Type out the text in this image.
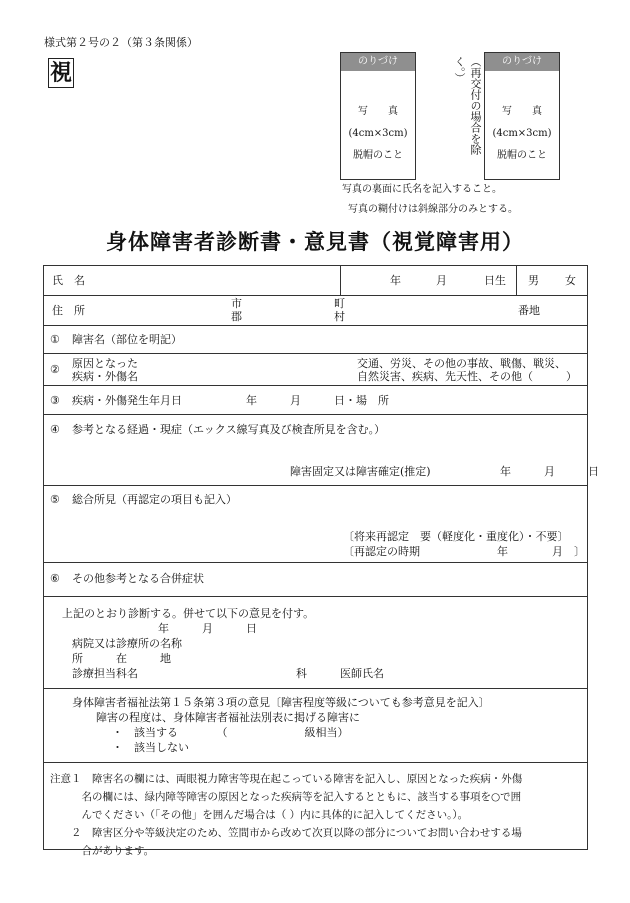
様式第２号の２（第３条関係）
視	のりづけ
写　　真
(4cm×3cm)
脱帽のこと
（再交付の場合を除く。）	のりづけ
写　　真
(4cm×3cm)
脱帽のこと
写真の裏面に氏名を記入すること。
写真の糊付けは斜線部分のみとする。
身体障害者診断書・意見書（視覚障害用）
氏　名	年	月	日生 男 女
住　所
市
郡
町
村	番地
① 障害名（部位を明記）
② 原因となった
疾病・外傷名
交通、労災、その他の事故、戦傷、戦災、
自然災害、疾病、先天性、その他（　　　）
③ 疾病・外傷発生年月日	年　　　月　　　日・場　所
④ 参考となる経過・現症（エックス線写真及び検査所見を含む。）
障害固定又は障害確定(推定)	年　　　月　　　日
⑤ 総合所見（再認定の項目も記入）
〔将来再認定　要（軽度化・重度化）・不要〕
〔再認定の時期　　　　　　　年　　　　月　〕
⑥ その他参考となる合併症状
上記のとおり診断する。併せて以下の意見を付す。
年　　　月　　　日
病院又は診療所の名称
所　　　在　　　地
診療担当科名	科　　　医師氏名
身体障害者福祉法第１５条第３項の意見〔障害程度等級についても参考意見を記入〕
障害の程度は、身体障害者福祉法別表に掲げる障害に
・　該当する　　　　（　　　　　　　級相当）
・　該当しない

注意１　障害名の欄には、両眼視力障害等現在起こっている障害を記入し、原因となった疾病・外傷

　　　名の欄には、緑内障等障害の原因となった疾病等を記入するとともに、該当する事項を○で囲

　　　んでください（「その他」を囲んだ場合は（ ）内に具体的に記入してください。）。

　　２　障害区分や等級決定のため、笠間市から改めて次頁以降の部分についてお問い合わせする場

　　　合があります。
